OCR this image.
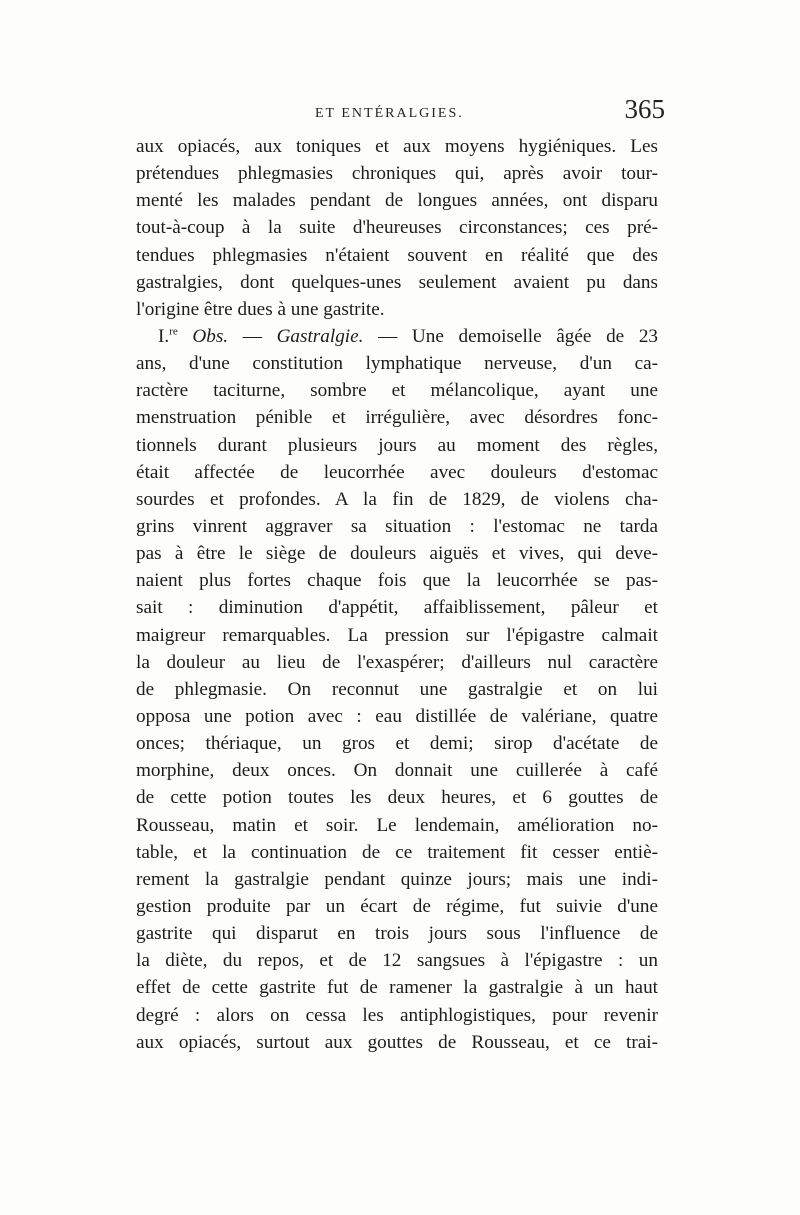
ET ENTÉRALGIES.	365
aux opiacés, aux toniques et aux moyens hygiéniques. Les
prétendues phlegmasies chroniques qui, après avoir tour-
menté les malades pendant de longues années, ont disparu
tout-à-coup à la suite d'heureuses circonstances; ces pré-
tendues phlegmasies n'étaient souvent en réalité que des
gastralgies, dont quelques-unes seulement avaient pu dans
l'origine être dues à une gastrite.
I.$^{re}$ Obs. — Gastralgie. — Une demoiselle âgée de 23
ans, d'une constitution lymphatique nerveuse, d'un ca-
ractère taciturne, sombre et mélancolique, ayant une
menstruation pénible et irrégulière, avec désordres fonc-
tionnels durant plusieurs jours au moment des règles,
était affectée de leucorrhée avec douleurs d'estomac
sourdes et profondes. A la fin de 1829, de violens cha-
grins vinrent aggraver sa situation : l'estomac ne tarda
pas à être le siège de douleurs aiguës et vives, qui deve-
naient plus fortes chaque fois que la leucorrhée se pas-
sait : diminution d'appétit, affaiblissement, pâleur et
maigreur remarquables. La pression sur l'épigastre calmait
la douleur au lieu de l'exaspérer; d'ailleurs nul caractère
de phlegmasie. On reconnut une gastralgie et on lui
opposa une potion avec : eau distillée de valériane, quatre
onces; thériaque, un gros et demi; sirop d'acétate de
morphine, deux onces. On donnait une cuillerée à café
de cette potion toutes les deux heures, et 6 gouttes de
Rousseau, matin et soir. Le lendemain, amélioration no-
table, et la continuation de ce traitement fit cesser entiè-
rement la gastralgie pendant quinze jours; mais une indi-
gestion produite par un écart de régime, fut suivie d'une
gastrite qui disparut en trois jours sous l'influence de
la diète, du repos, et de 12 sangsues à l'épigastre : un
effet de cette gastrite fut de ramener la gastralgie à un haut
degré : alors on cessa les antiphlogistiques, pour revenir
aux opiacés, surtout aux gouttes de Rousseau, et ce trai-
